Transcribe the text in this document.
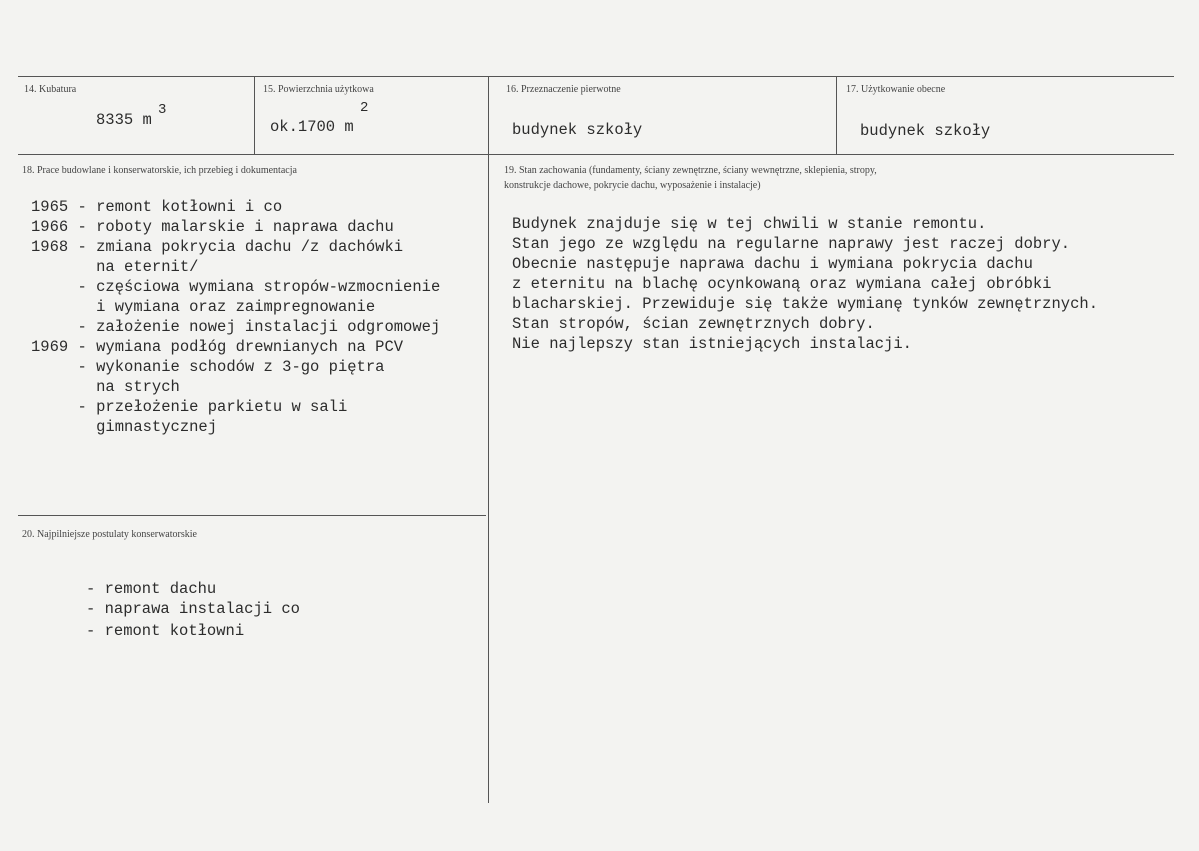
14. Kubatura
8335 m
3
15. Powierzchnia użytkowa
ok.1700 m
2
16. Przeznaczenie pierwotne
budynek szkoły
17. Użytkowanie obecne
budynek szkoły
18. Prace budowlane i konserwatorskie, ich przebieg i dokumentacja
1965 - remont kotłowni i co
1966 - roboty malarskie i naprawa dachu
1968 - zmiana pokrycia dachu /z dachówki
na eternit/
- częściowa wymiana stropów-wzmocnienie
i wymiana oraz zaimpregnowanie
- założenie nowej instalacji odgromowej
1969 - wymiana podłóg drewnianych na PCV
- wykonanie schodów z 3-go piętra
na strych
- przełożenie parkietu w sali
gimnastycznej
19. Stan zachowania (fundamenty, ściany zewnętrzne, ściany wewnętrzne, sklepienia, stropy,
konstrukcje dachowe, pokrycie dachu, wyposażenie i instalacje)
Budynek znajduje się w tej chwili w stanie remontu.
Stan jego ze względu na regularne naprawy jest raczej dobry.
Obecnie następuje naprawa dachu i wymiana pokrycia dachu
z eternitu na blachę ocynkowaną oraz wymiana całej obróbki
blacharskiej. Przewiduje się także wymianę tynków zewnętrznych.
Stan stropów, ścian zewnętrznych dobry.
Nie najlepszy stan istniejących instalacji.
20. Najpilniejsze postulaty konserwatorskie
- remont dachu
- naprawa instalacji co
- remont kotłowni
